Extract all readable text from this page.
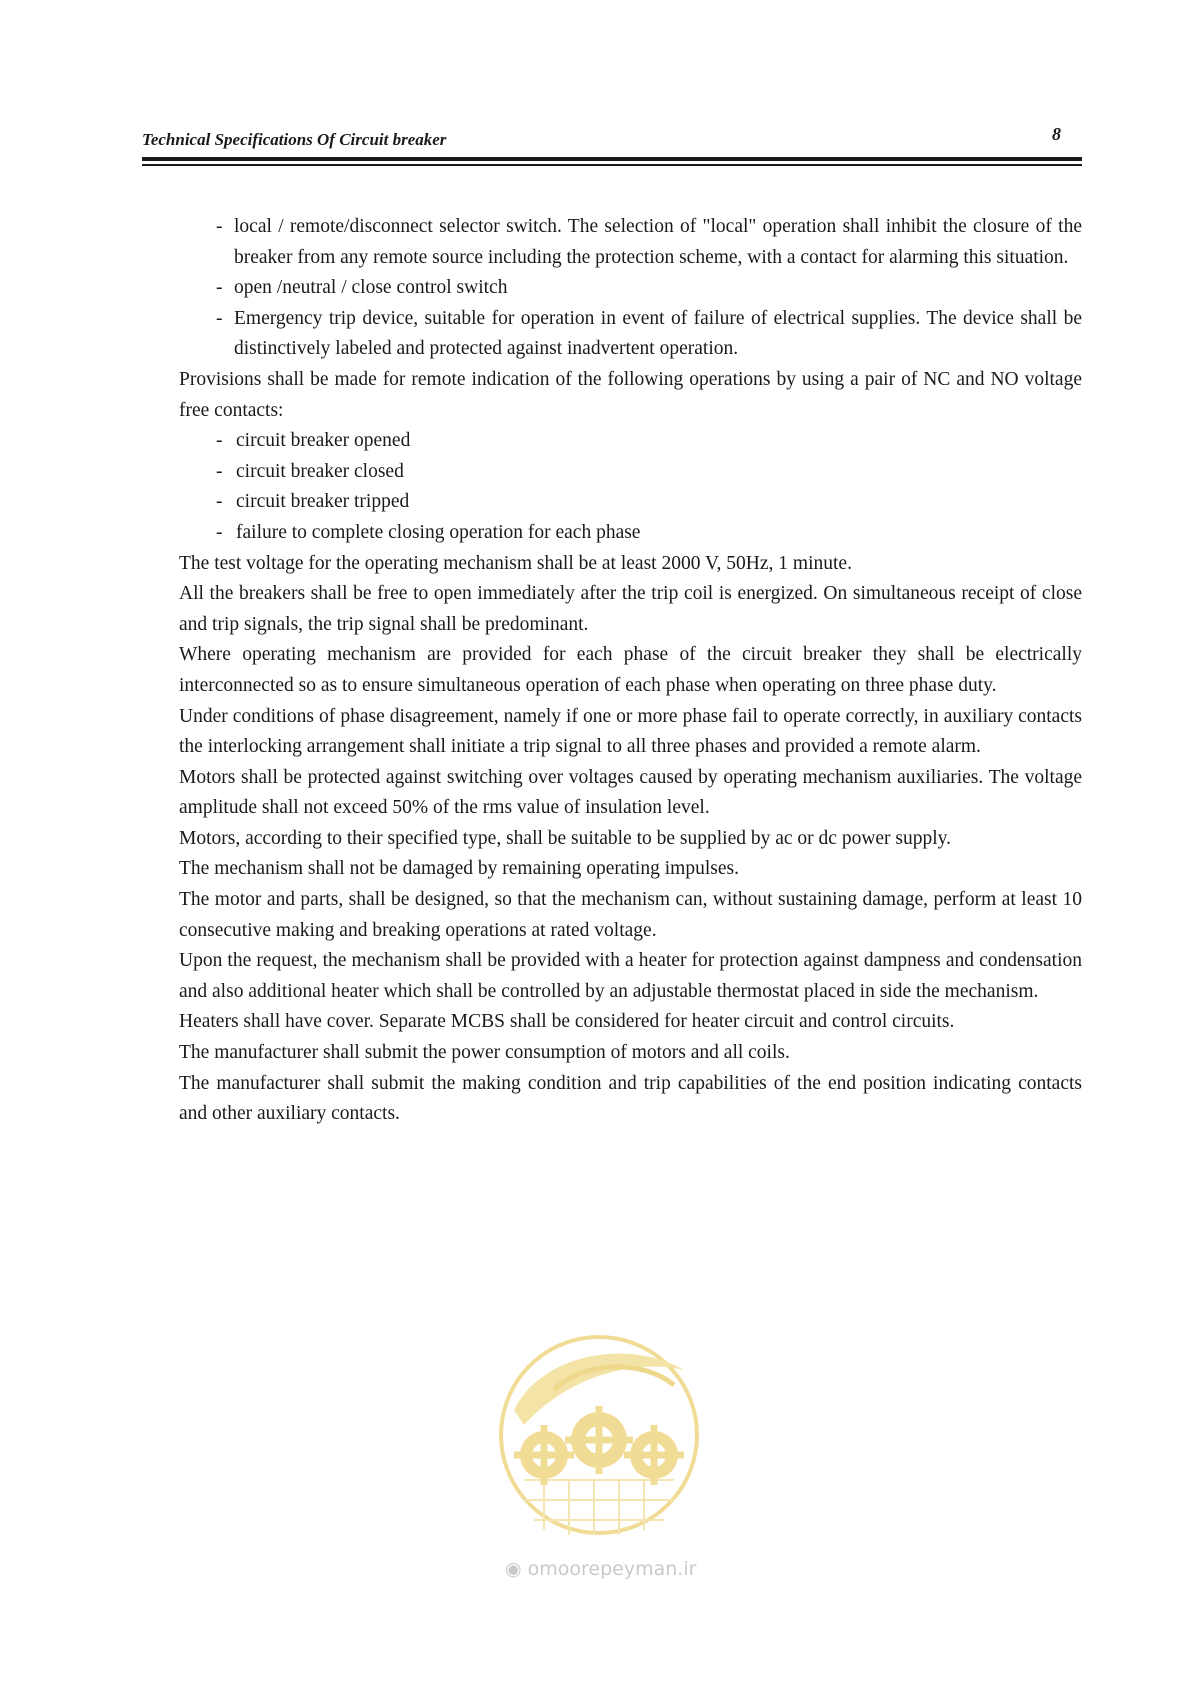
Technical Specifications Of Circuit breaker	8
- local / remote/disconnect selector switch. The selection of "local" operation shall inhibit the closure of the breaker from any remote source including the protection scheme, with a contact for alarming this situation.
- open /neutral / close control switch
- Emergency trip device, suitable for operation in event of failure of electrical supplies. The device shall be distinctively labeled and protected against inadvertent operation.

Provisions shall be made for remote indication of the following operations by using a pair of NC and NO voltage free contacts:

- circuit breaker opened
- circuit breaker closed
- circuit breaker tripped
- failure to complete closing operation for each phase

The test voltage for the operating mechanism shall be at least 2000 V, 50Hz, 1 minute.

All the breakers shall be free to open immediately after the trip coil is energized. On simultaneous receipt of close and trip signals, the trip signal shall be predominant.

Where operating mechanism are provided for each phase of the circuit breaker they shall be electrically interconnected so as to ensure simultaneous operation of each phase when operating on three phase duty.

Under conditions of phase disagreement, namely if one or more phase fail to operate correctly, in auxiliary contacts the interlocking arrangement shall initiate a trip signal to all three phases and provided a remote alarm.

Motors shall be protected against switching over voltages caused by operating mechanism auxiliaries. The voltage amplitude shall not exceed 50% of the rms value of insulation level.

Motors, according to their specified type, shall be suitable to be supplied by ac or dc power supply.

The mechanism shall not be damaged by remaining operating impulses.

The motor and parts, shall be designed, so that the mechanism can, without sustaining damage, perform at least 10 consecutive making and breaking operations at rated voltage.

Upon the request, the mechanism shall be provided with a heater for protection against dampness and condensation and also additional heater which shall be controlled by an adjustable thermostat placed in side the mechanism.

Heaters shall have cover. Separate MCBS shall be considered for heater circuit and control circuits.

The manufacturer shall submit the power consumption of motors and all coils.

The manufacturer shall submit the making condition and trip capabilities of the end position indicating contacts and other auxiliary contacts.

◉ omoorepeyman.ir
